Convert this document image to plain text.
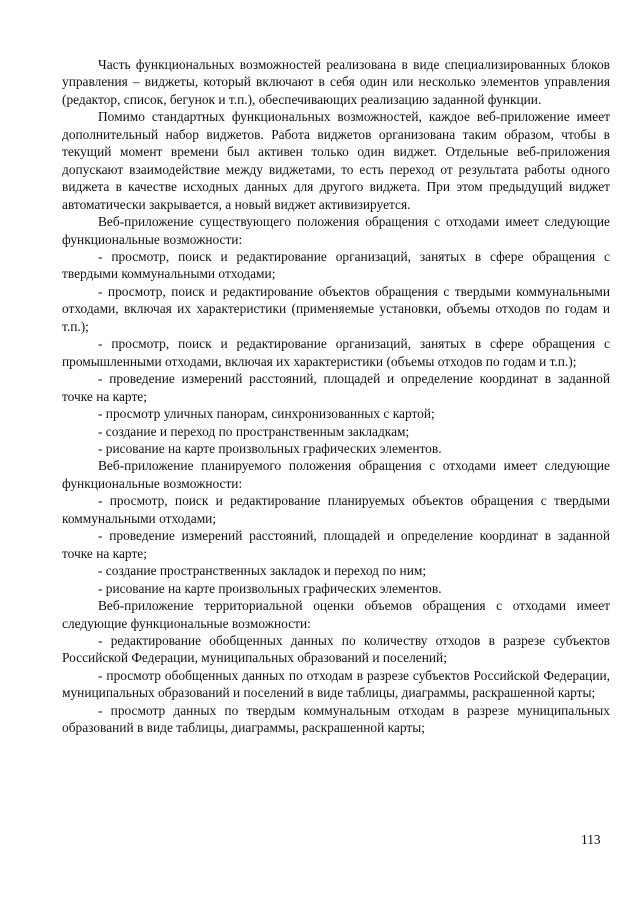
Часть функциональных возможностей реализована в виде специализированных блоков управления – виджеты, который включают в себя один или несколько элементов управления (редактор, список, бегунок и т.п.), обеспечивающих реализацию заданной функции.

Помимо стандартных функциональных возможностей, каждое веб-приложение имеет дополнительный набор виджетов. Работа виджетов организована таким образом, чтобы в текущий момент времени был активен только один виджет. Отдельные веб-приложения допускают взаимодействие между виджетами, то есть переход от результата работы одного виджета в качестве исходных данных для другого виджета. При этом предыдущий виджет автоматически закрывается, а новый виджет активизируется.

Веб-приложение существующего положения обращения с отходами имеет следующие функциональные возможности:

- просмотр, поиск и редактирование организаций, занятых в сфере обращения с твердыми коммунальными отходами;

- просмотр, поиск и редактирование объектов обращения с твердыми коммунальными отходами, включая их характеристики (применяемые установки, объемы отходов по годам и т.п.);

- просмотр, поиск и редактирование организаций, занятых в сфере обращения с промышленными отходами, включая их характеристики (объемы отходов по годам и т.п.);

- проведение измерений расстояний, площадей и определение координат в заданной точке на карте;

- просмотр уличных панорам, синхронизованных с картой;

- создание и переход по пространственным закладкам;

- рисование на карте произвольных графических элементов.

Веб-приложение планируемого положения обращения с отходами имеет следующие функциональные возможности:

- просмотр, поиск и редактирование планируемых объектов обращения с твердыми коммунальными отходами;

- проведение измерений расстояний, площадей и определение координат в заданной точке на карте;

- создание пространственных закладок и переход по ним;

- рисование на карте произвольных графических элементов.

Веб-приложение территориальной оценки объемов обращения с отходами имеет следующие функциональные возможности:

- редактирование обобщенных данных по количеству отходов в разрезе субъектов Российской Федерации, муниципальных образований и поселений;

- просмотр обобщенных данных по отходам в разрезе субъектов Российской Федерации, муниципальных образований и поселений в виде таблицы, диаграммы, раскрашенной карты;

- просмотр данных по твердым коммунальным отходам в разрезе муниципальных образований в виде таблицы, диаграммы, раскрашенной карты;

113
